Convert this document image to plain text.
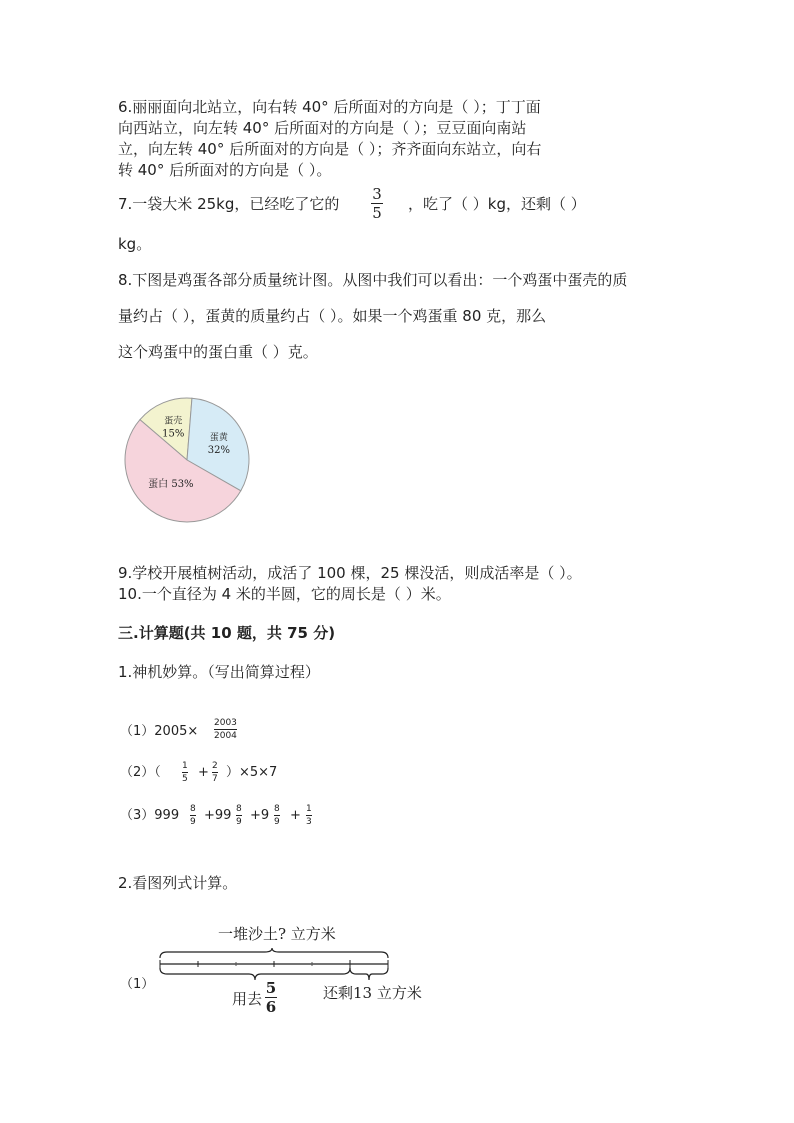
6.丽丽面向北站立，向右转 40° 后所面对的方向是（ ）；丁丁面
向西站立，向左转 40° 后所面对的方向是（ ）；豆豆面向南站
立，向左转 40° 后所面对的方向是（ ）；齐齐面向东站立，向右
转 40° 后所面对的方向是（ ）。
7.一袋大米 25kg，已经吃了它的
3
5 ，吃了（ ）kg，还剩（ ）
kg。
8.下图是鸡蛋各部分质量统计图。从图中我们可以看出：一个鸡蛋中蛋壳的质
量约占（ ），蛋黄的质量约占（ ）。如果一个鸡蛋重 80 克，那么
这个鸡蛋中的蛋白重（ ）克。
蛋壳
15%	蛋黄
32%
蛋白 53%
9.学校开展植树活动，成活了 100 棵，25 棵没活，则成活率是（ ）。
10.一个直径为 4 米的半圆，它的周长是（ ）米。
三.计算题(共 10 题，共 75 分)
1.神机妙算。（写出简算过程）
（1）2005×
2003
2004
（2）（ 1
5 + 2
7 ）×5×7
（3）999 8
9 +99 8
9 +9 8
9 + 1
3
2.看图列式计算。
（1）
一堆沙土? 立方米
用去
5
6
还剩13 立方米
